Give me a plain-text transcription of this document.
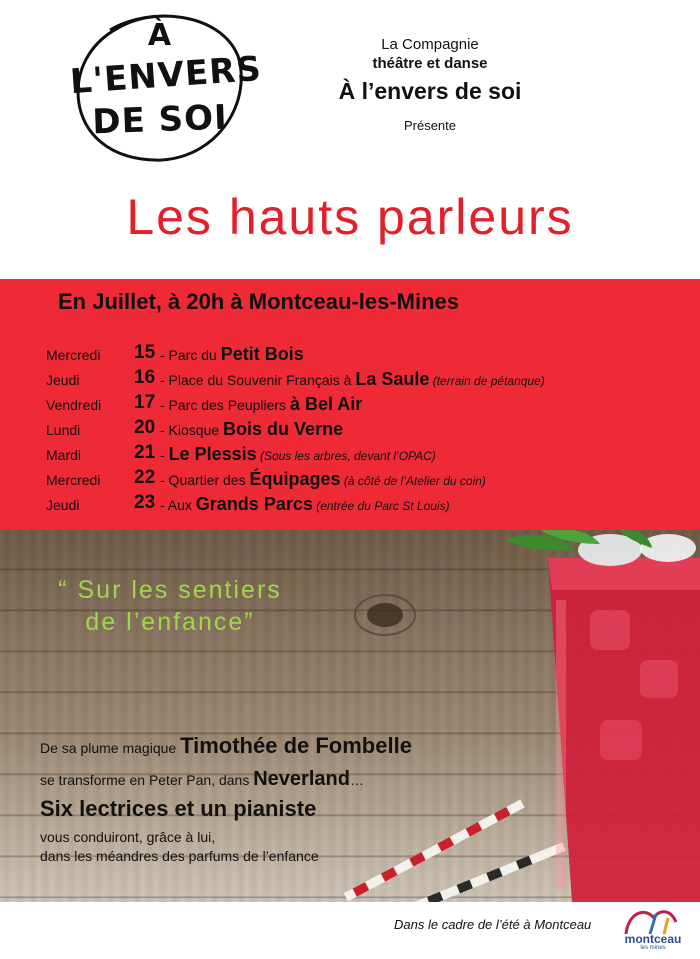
À
L'ENVERS
DE SOI
La Compagnie
théâtre et danse
À l’envers de soi
Présente
Les hauts parleurs
En Juillet, à 20h à Montceau-les-Mines
Mercredi 15 - Parc du Petit Bois
Jeudi	16 - Place du Souvenir Français à La Saule (terrain de pétanque)
Vendredi 17 - Parc des Peupliers à Bel Air
Lundi	20 - Kiosque Bois du Verne
Mardi	21 - Le Plessis (Sous les arbres, devant l’OPAC)
Mercredi 22 - Quartier des Équipages (à côté de l’Atelier du coin)
Jeudi	23 - Aux Grands Parcs (entrée du Parc St Louis)
“ Sur les sentiers
de l’enfance”
De sa plume magique Timothée de Fombelle
se transforme en Peter Pan, dans Neverland…
Six lectrices et un pianiste
vous conduiront, grâce à lui,
dans les méandres des parfums de l’enfance
Dans le cadre de l’été à Montceau
montceau
les mines
